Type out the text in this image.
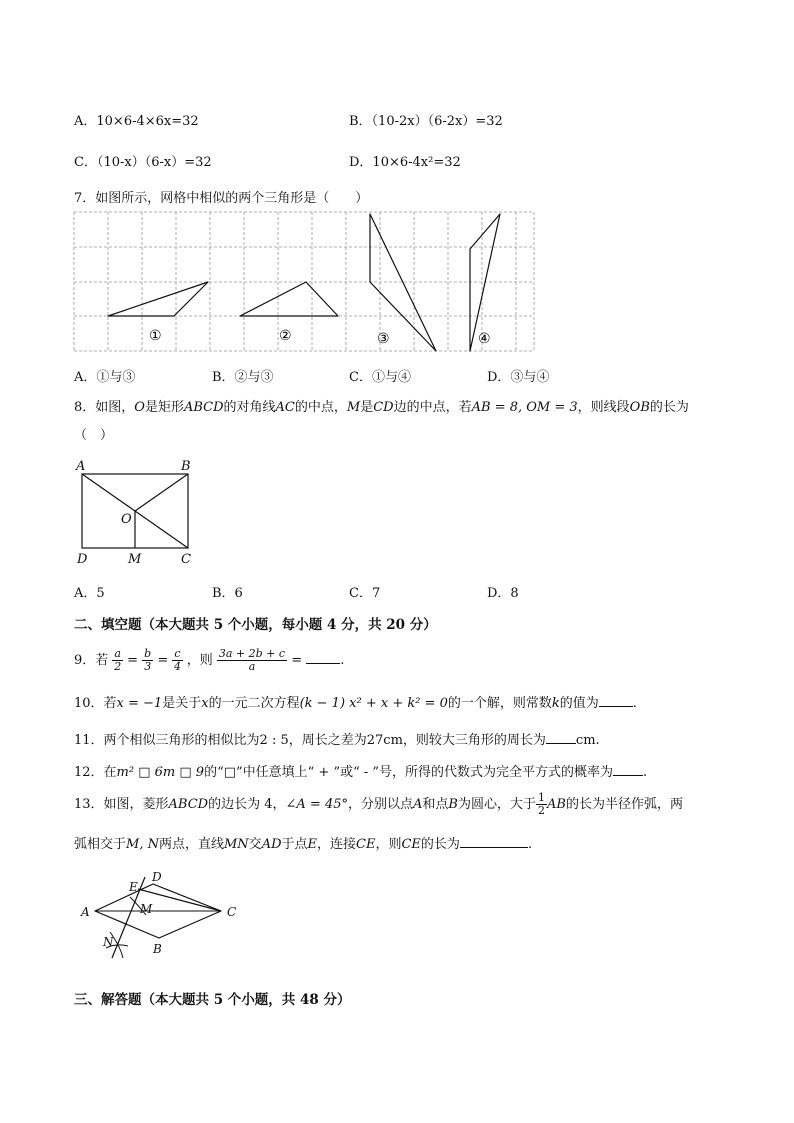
A．10×6-4×6x=32	B．（10-2x）（6-2x）=32
C．（10-x）（6-x）=32	D．10×6-4x²=32
7．如图所示，网格中相似的两个三角形是（　　）
①	②	③	④
A．①与③	B．②与③	C．①与④	D．③与④
8．如图，O是矩形ABCD的对角线AC的中点，M是CD边的中点，若AB = 8, OM = 3，则线段OB的长为
（　）
A	B
O
D	M	C
A．5	B．6	C．7	D．8
二、填空题（本大题共 5 个小题，每小题 4 分，共 20 分）
9．若 $\frac{a}{2} = \frac{b}{3} = \frac{c}{4}$ ，则 $\frac{3a + 2b + c}{a}$ =	.
10．若x = −1是关于x的一元二次方程(k − 1) x² + x + k² = 0的一个解，则常数k的值为	.
11．两个相似三角形的相似比为2 : 5，周长之差为27cm，则较大三角形的周长为 cm.
12．在m² □ 6m □ 9的“□”中任意填上“ + ”或“ - ”号，所得的代数式为完全平方式的概率为 .
13．如图，菱形ABCD的边长为 4，∠A = 45°，分别以点A和点B为圆心，大于 $\frac{1}{2}$ AB的长为半径作弧，两
弧相交于M, N两点，直线MN交AD于点E，连接CE，则CE的长为	.
A
E
D
M	C
B
N
三、解答题（本大题共 5 个小题，共 48 分）
